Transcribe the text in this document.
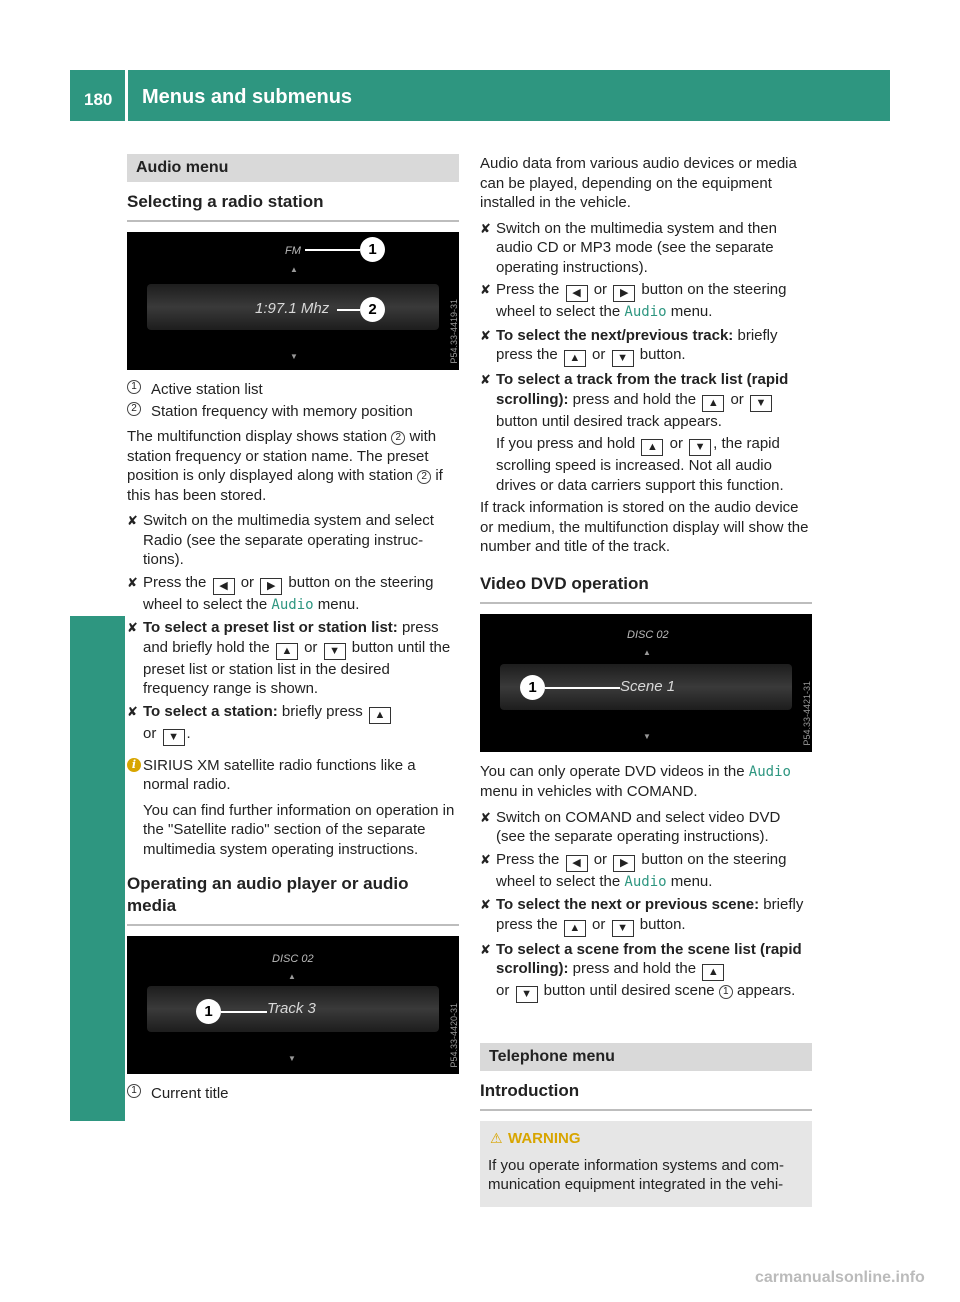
180 Menus and submenus
On-board computer and displays
Audio menu
Selecting a radio station
FM
▲
1:97.1 Mhz
▼
1
2	P54.33-4419-31
1 Active station list
2 Station frequency with memory position

The multifunction display shows station 2 with station frequency or station name. The preset position is only displayed along with station 2 if this has been stored.

✘ Switch on the multimedia system and select Radio (see the separate operating instruc-tions).
✘ Press the ◀ or ▶ button on the steering wheel to select the Audio menu.
✘ To select a preset list or station list: press and briefly hold the ▲ or ▼ button until the preset list or station list in the desired frequency range is shown.
✘ To select a station: briefly press ▲
or ▼ .
i SIRIUS XM satellite radio functions like a normal radio.

You can find further information on operation in the "Satellite radio" section of the separate multimedia system operating instructions.

Operating an audio player or audio media
DISC 02
▲
Track 3
▼
1	P54.33-4420-31
1 Current title

Audio data from various audio devices or media can be played, depending on the equipment installed in the vehicle.

✘ Switch on the multimedia system and then audio CD or MP3 mode (see the separate operating instructions).
✘ Press the ◀ or ▶ button on the steering wheel to select the Audio menu.
✘ To select the next/previous track: briefly press the ▲ or ▼ button.
✘ To select a track from the track list (rapid scrolling): press and hold the ▲ or ▼ button until desired track appears.
If you press and hold ▲ or ▼ , the rapid scrolling speed is increased. Not all audio drives or data carriers support this function.

If track information is stored on the audio device or medium, the multifunction display will show the number and title of the track.

Video DVD operation
DISC 02
▲
Scene 1
▼
1	P54.33-4421-31

You can only operate DVD videos in the Audio menu in vehicles with COMAND.

✘ Switch on COMAND and select video DVD (see the separate operating instructions).
✘ Press the ◀ or ▶ button on the steering wheel to select the Audio menu.
✘ To select the next or previous scene: briefly press the ▲ or ▼ button.
✘ To select a scene from the scene list (rapid scrolling): press and hold the ▲
or ▼ button until desired scene 1 appears.
Telephone menu
Introduction
⚠ WARNING

If you operate information systems and com-munication equipment integrated in the vehi-

carmanualsonline.info
